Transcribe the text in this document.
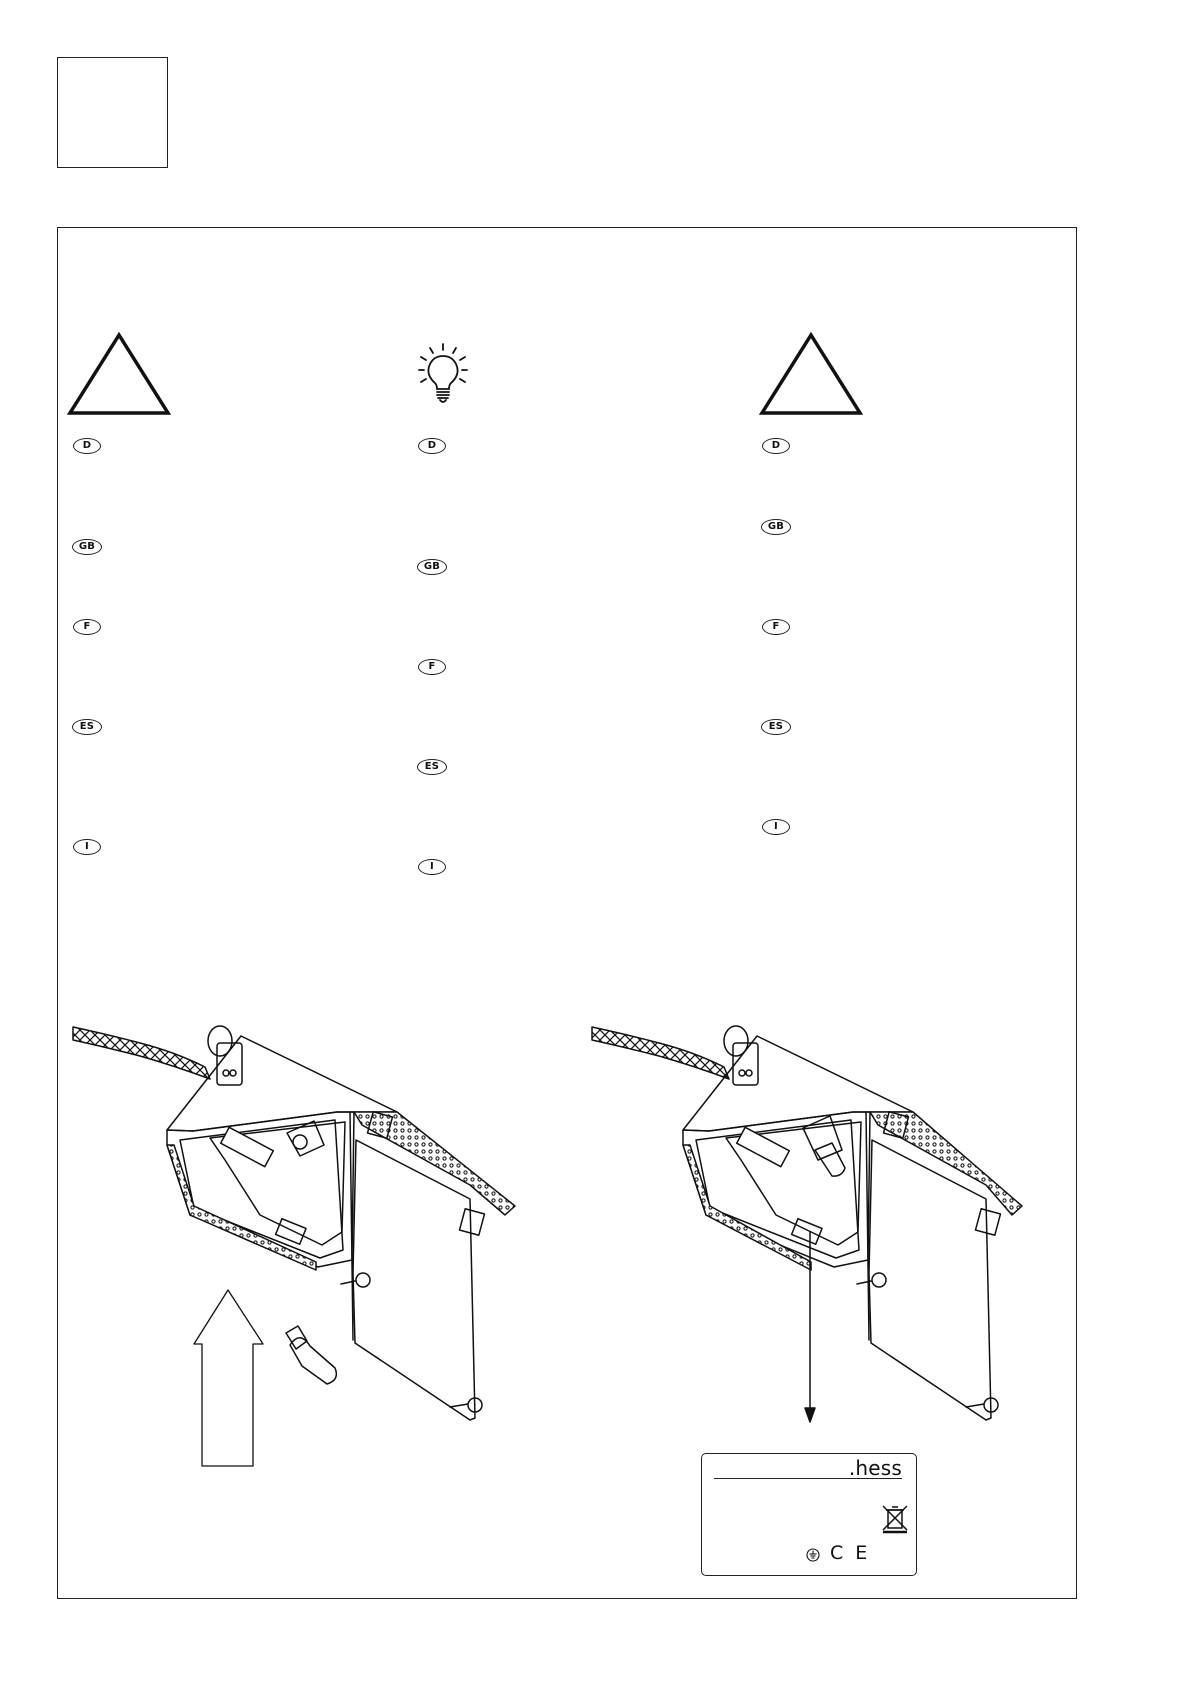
D
GB
F
ES
I
D
GB
F
ES
I
D
GB
F
ES
I
.hess
C E
